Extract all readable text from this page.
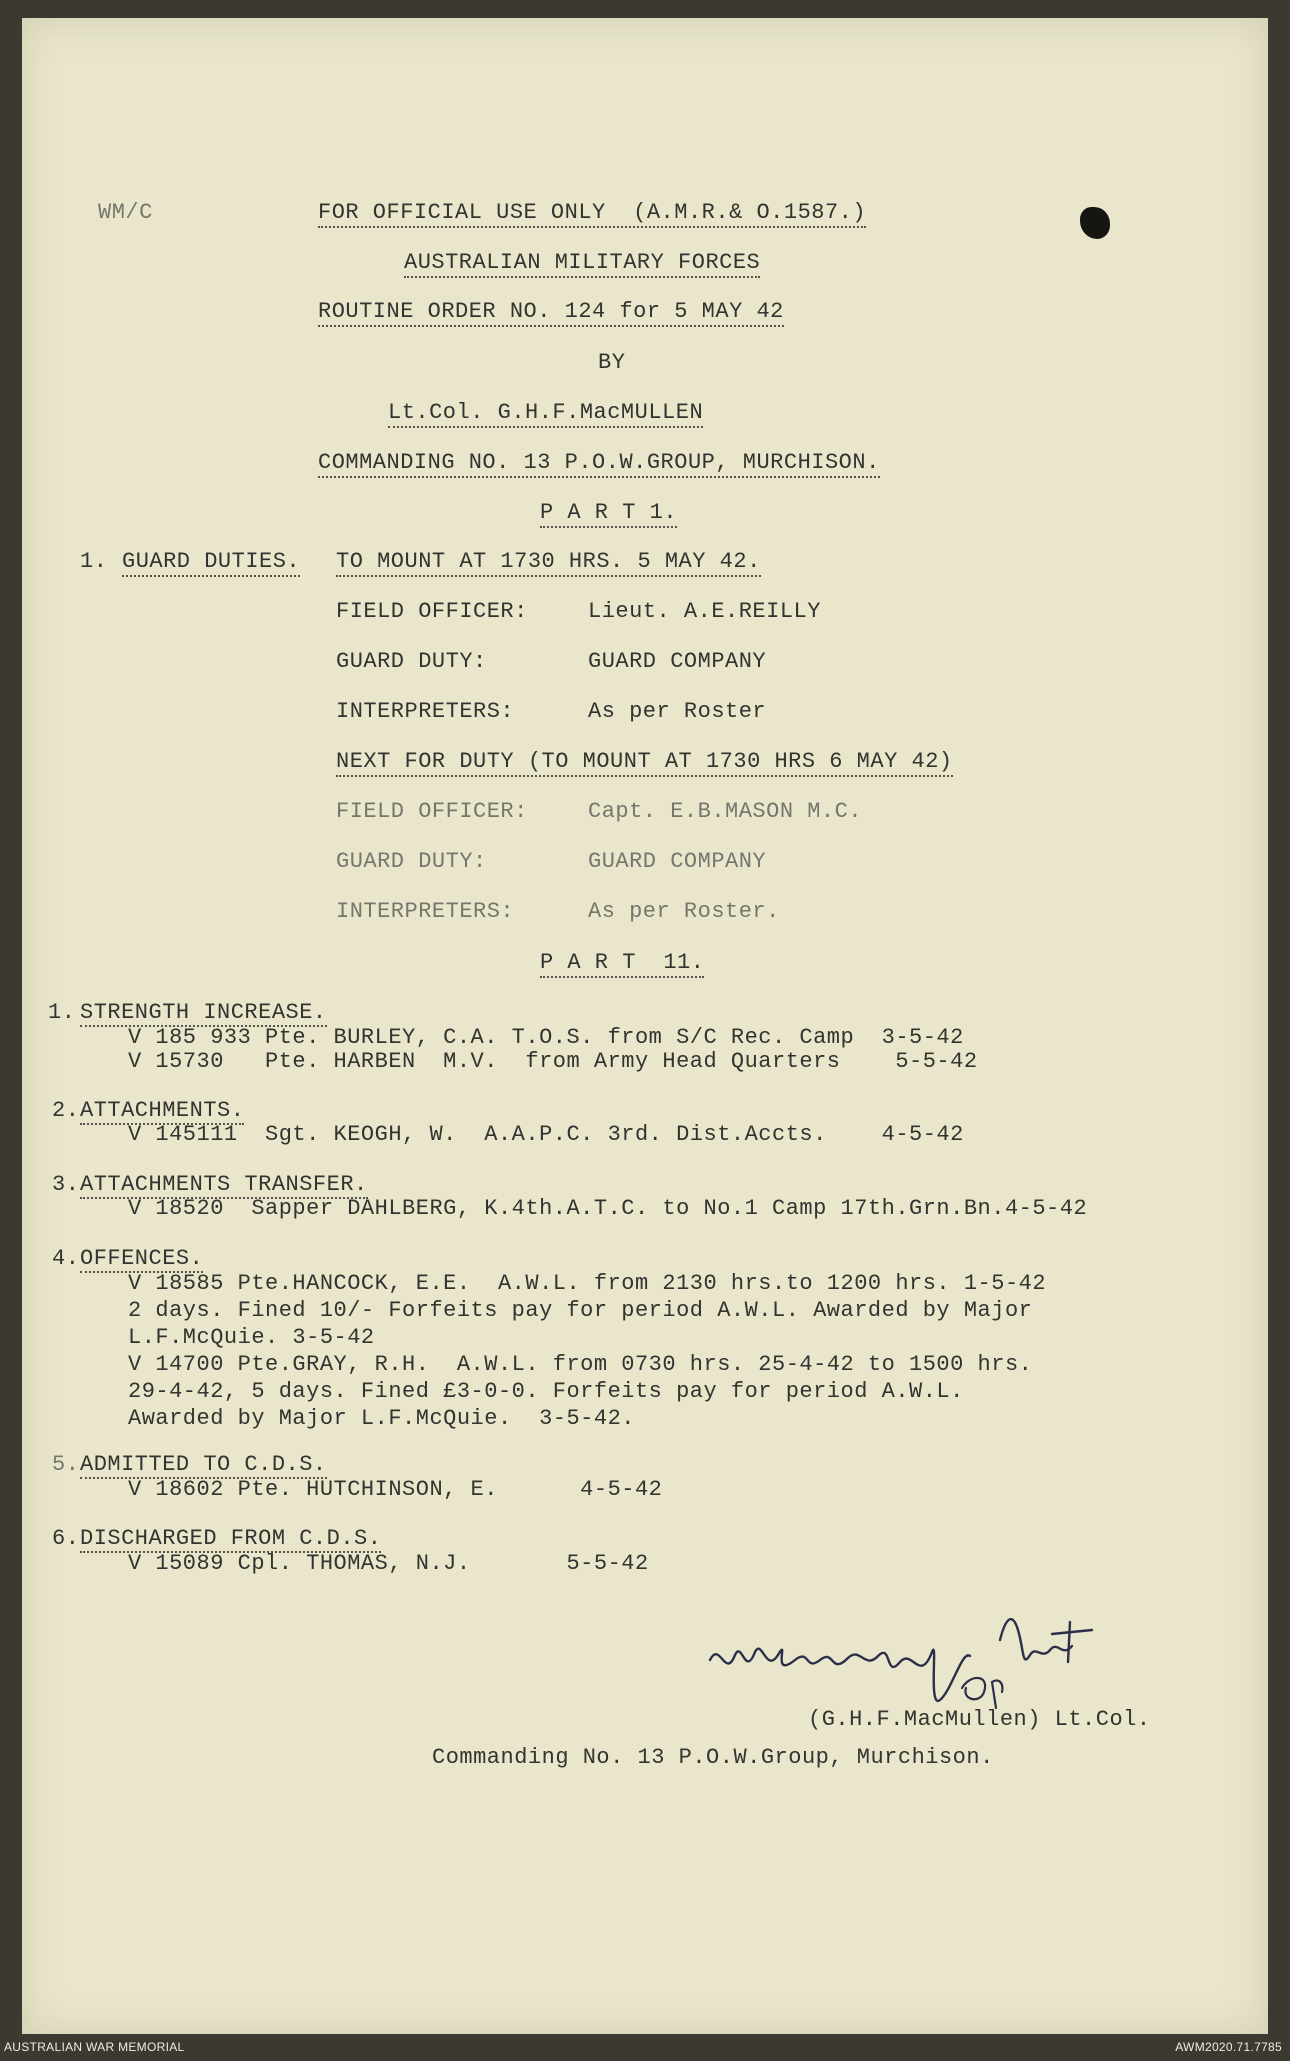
WM/C	FOR OFFICIAL USE ONLY  (A.M.R.& O.1587.)
AUSTRALIAN MILITARY FORCES
ROUTINE ORDER NO. 124 for 5 MAY 42
BY
Lt.Col. G.H.F.MacMULLEN
COMMANDING NO. 13 P.O.W.GROUP, MURCHISON.
P A R T 1.
1. GUARD DUTIES. TO MOUNT AT 1730 HRS. 5 MAY 42.
FIELD OFFICER:	Lieut. A.E.REILLY
GUARD DUTY:	GUARD COMPANY
INTERPRETERS:	As per Roster
NEXT FOR DUTY (TO MOUNT AT 1730 HRS 6 MAY 42)
FIELD OFFICER:	Capt. E.B.MASON M.C.
GUARD DUTY:	GUARD COMPANY
INTERPRETERS:	As per Roster.
P A R T  11.
1. STRENGTH INCREASE.
V 185 933 Pte. BURLEY, C.A. T.O.S. from S/C Rec. Camp  3-5-42
V 15730   Pte. HARBEN  M.V.  from Army Head Quarters    5-5-42
2. ATTACHMENTS.
V 145111  Sgt. KEOGH, W.  A.A.P.C. 3rd. Dist.Accts.    4-5-42
3. ATTACHMENTS TRANSFER.
V 18520  Sapper DAHLBERG, K.4th.A.T.C. to No.1 Camp 17th.Grn.Bn.4-5-42
4. OFFENCES.
V 18585 Pte.HANCOCK, E.E.  A.W.L. from 2130 hrs.to 1200 hrs. 1-5-42
2 days. Fined 10/- Forfeits pay for period A.W.L. Awarded by Major
L.F.McQuie. 3-5-42
V 14700 Pte.GRAY, R.H.  A.W.L. from 0730 hrs. 25-4-42 to 1500 hrs.
29-4-42, 5 days. Fined £3-0-0. Forfeits pay for period A.W.L.
Awarded by Major L.F.McQuie.  3-5-42.
5. ADMITTED TO C.D.S.
V 18602 Pte. HUTCHINSON, E.      4-5-42
6. DISCHARGED FROM C.D.S.
V 15089 Cpl. THOMAS, N.J.       5-5-42
(G.H.F.MacMullen) Lt.Col.
Commanding No. 13 P.O.W.Group, Murchison.
AUSTRALIAN WAR MEMORIAL	AWM2020.71.7785
